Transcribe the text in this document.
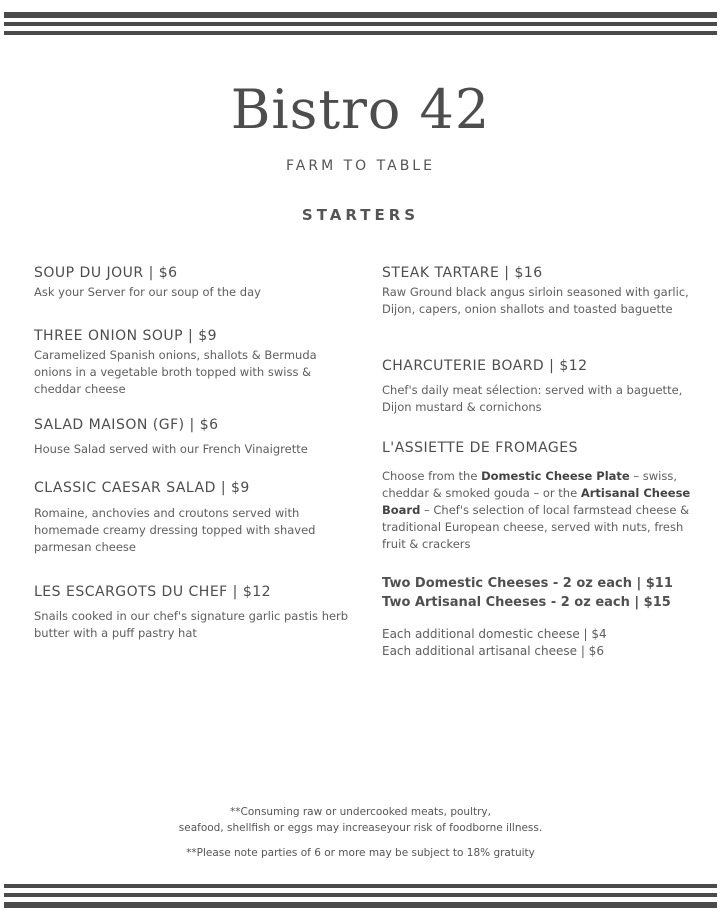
Bistro 42
FARM TO TABLE
STARTERS
SOUP DU JOUR | $6
Ask your Server for our soup of the day
THREE ONION SOUP | $9
Caramelized Spanish onions, shallots & Bermuda onions in a vegetable broth topped with swiss & cheddar cheese
SALAD MAISON (GF) | $6
House Salad served with our French Vinaigrette
CLASSIC CAESAR SALAD | $9
Romaine, anchovies and croutons served with homemade creamy dressing topped with shaved parmesan cheese
LES ESCARGOTS DU CHEF | $12
Snails cooked in our chef's signature garlic pastis herb butter with a puff pastry hat
STEAK TARTARE | $16
Raw Ground black angus sirloin seasoned with garlic, Dijon, capers, onion shallots and toasted baguette
CHARCUTERIE BOARD | $12
Chef's daily meat sélection: served with a baguette, Dijon mustard & cornichons
L'ASSIETTE DE FROMAGES
Choose from the Domestic Cheese Plate – swiss, cheddar & smoked gouda – or the Artisanal Cheese Board – Chef's selection of local farmstead cheese & traditional European cheese, served with nuts, fresh fruit & crackers
Two Domestic Cheeses - 2 oz each | $11
Two Artisanal Cheeses - 2 oz each | $15
Each additional domestic cheese | $4
Each additional artisanal cheese | $6
**Consuming raw or undercooked meats, poultry,
seafood, shellfish or eggs may increaseyour risk of foodborne illness.
**Please note parties of 6 or more may be subject to 18% gratuity
